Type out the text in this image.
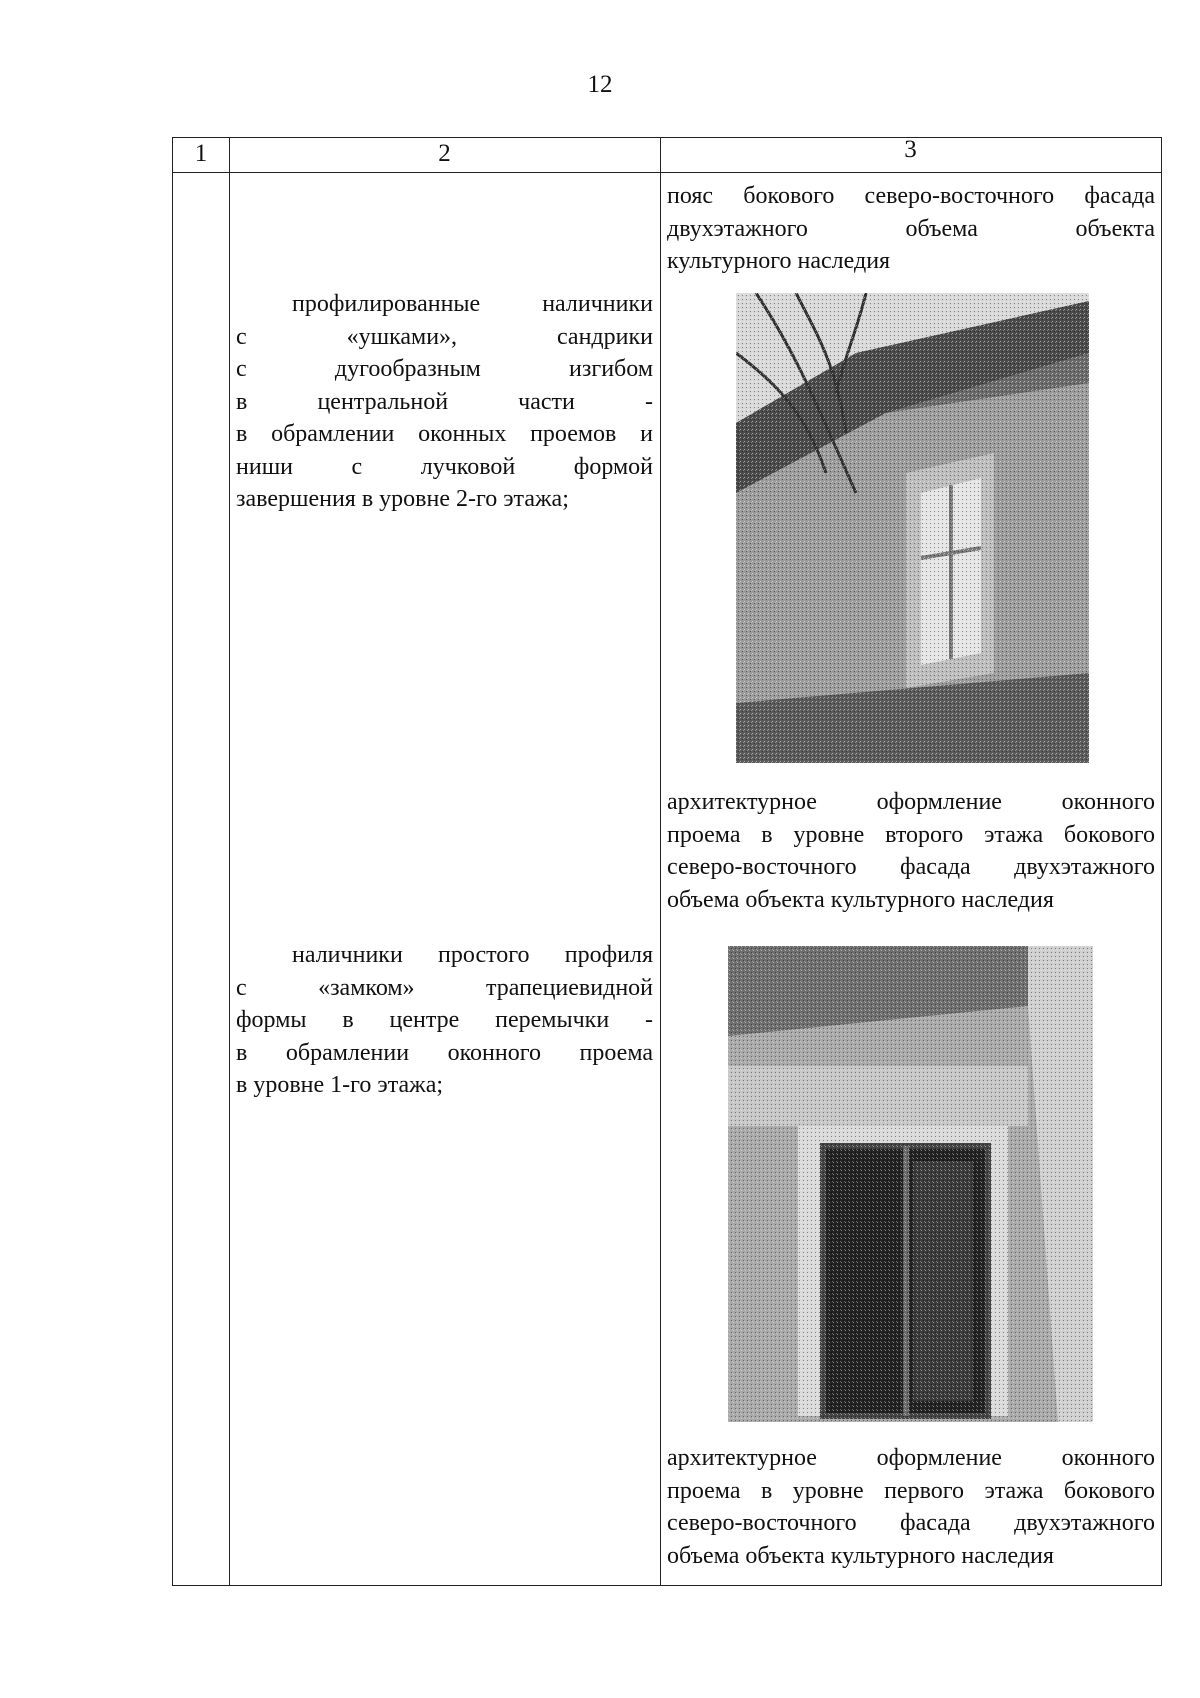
12
1	2	3
пояс бокового северо-восточного фасада
двухэтажного объема объекта
культурного наследия
профилированные наличники
с «ушками», сандрики
с дугообразным изгибом
в центральной части -
в обрамлении оконных проемов и
ниши с лучковой формой
завершения в уровне 2-го этажа;
архитектурное оформление оконного
проема в уровне второго этажа бокового
северо-восточного фасада двухэтажного
объема объекта культурного наследия
наличники простого профиля
с «замком» трапециевидной
формы в центре перемычки -
в обрамлении оконного проема
в уровне 1-го этажа;
архитектурное оформление оконного
проема в уровне первого этажа бокового
северо-восточного фасада двухэтажного
объема объекта культурного наследия
